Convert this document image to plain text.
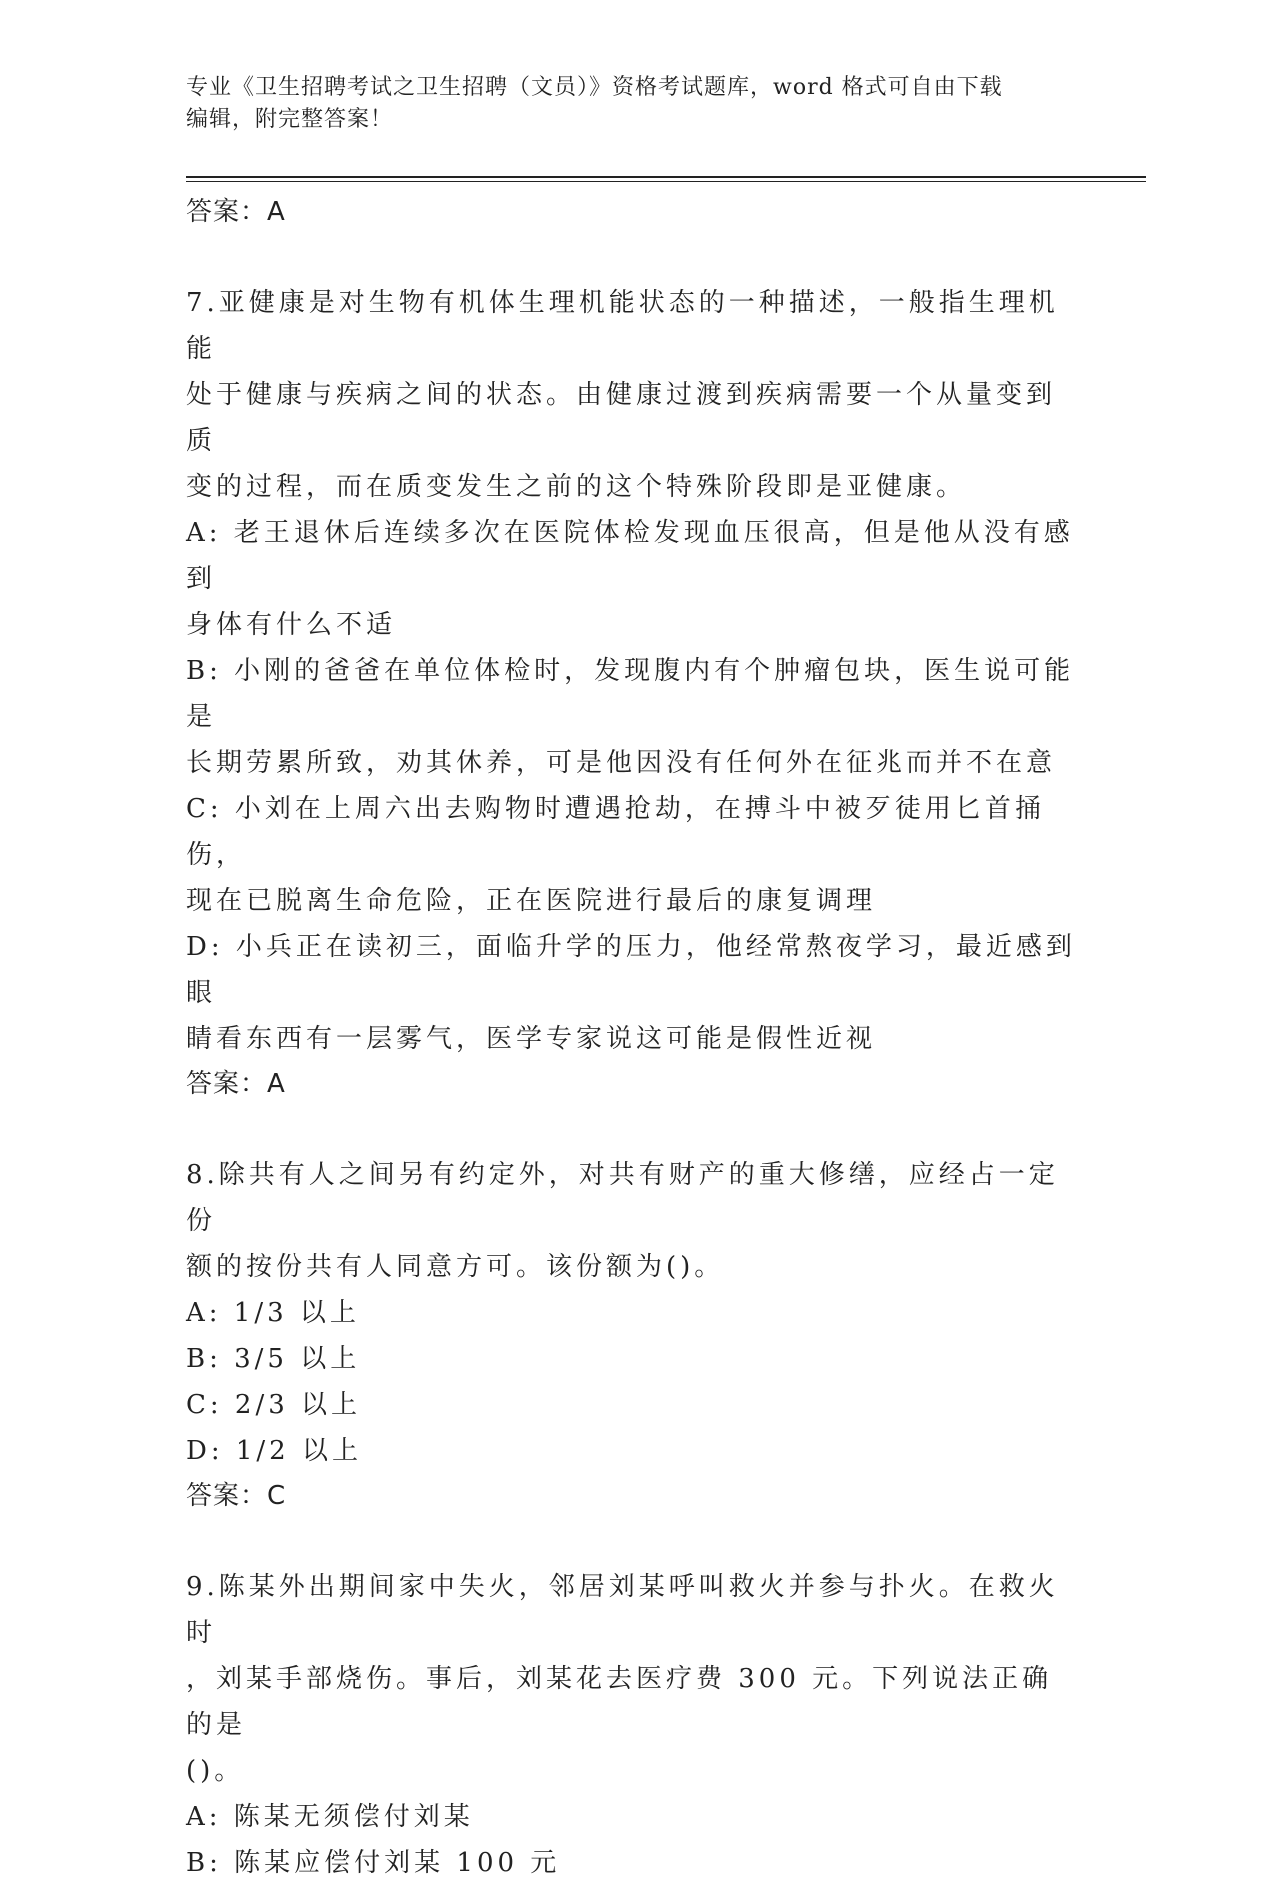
专业《卫生招聘考试之卫生招聘（文员）》资格考试题库，word 格式可自由下载
编辑，附完整答案！

答案：A

7.亚健康是对生物有机体生理机能状态的一种描述，一般指生理机能

处于健康与疾病之间的状态。由健康过渡到疾病需要一个从量变到质

变的过程，而在质变发生之前的这个特殊阶段即是亚健康。

A: 老王退休后连续多次在医院体检发现血压很高，但是他从没有感到

身体有什么不适

B: 小刚的爸爸在单位体检时，发现腹内有个肿瘤包块，医生说可能是

长期劳累所致，劝其休养，可是他因没有任何外在征兆而并不在意

C: 小刘在上周六出去购物时遭遇抢劫，在搏斗中被歹徒用匕首捅伤，

现在已脱离生命危险，正在医院进行最后的康复调理

D: 小兵正在读初三，面临升学的压力，他经常熬夜学习，最近感到眼

睛看东西有一层雾气，医学专家说这可能是假性近视

答案：A

8.除共有人之间另有约定外，对共有财产的重大修缮，应经占一定份

额的按份共有人同意方可。该份额为()。

A: 1/3 以上

B: 3/5 以上

C: 2/3 以上

D: 1/2 以上

答案：C

9.陈某外出期间家中失火，邻居刘某呼叫救火并参与扑火。在救火时

，刘某手部烧伤。事后，刘某花去医疗费 300 元。下列说法正确的是

()。

A: 陈某无须偿付刘某

B: 陈某应偿付刘某 100 元
